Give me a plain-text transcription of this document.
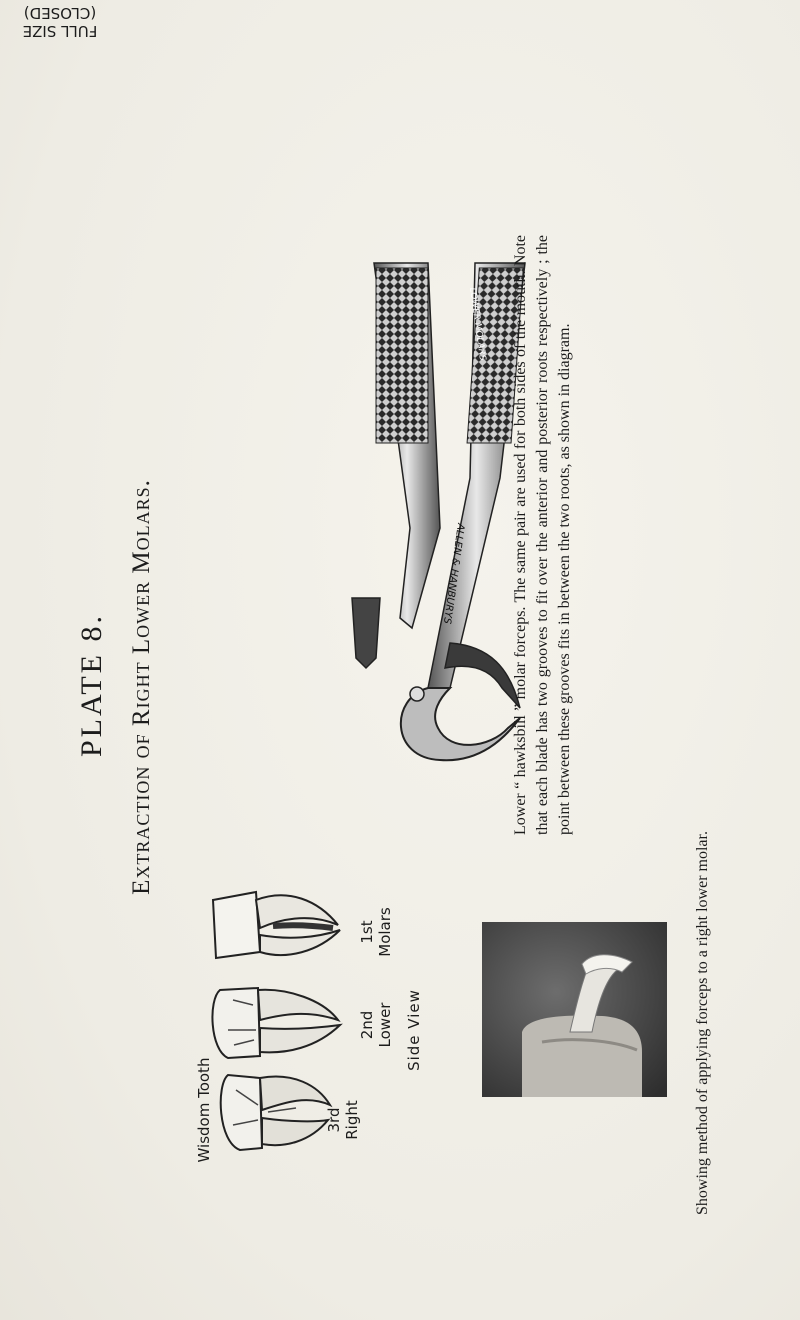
PLATE 8. Extraction of Right Lower Molars.
Wisdom Tooth	3rd Right
2nd Lower
1st Molars
Side View
FULL SIZE
(CLOSED)
ALLEN & HANBURYS
LOWER MOLARS Lower “ hawksbill ” molar forceps. The same pair are used for both sides of the mouth. Note that each blade has two grooves to fit over the anterior and posterior roots respectively ; the point between these grooves fits in between the two roots, as shown in diagram.
Showing method of applying forceps to a right lower molar.
